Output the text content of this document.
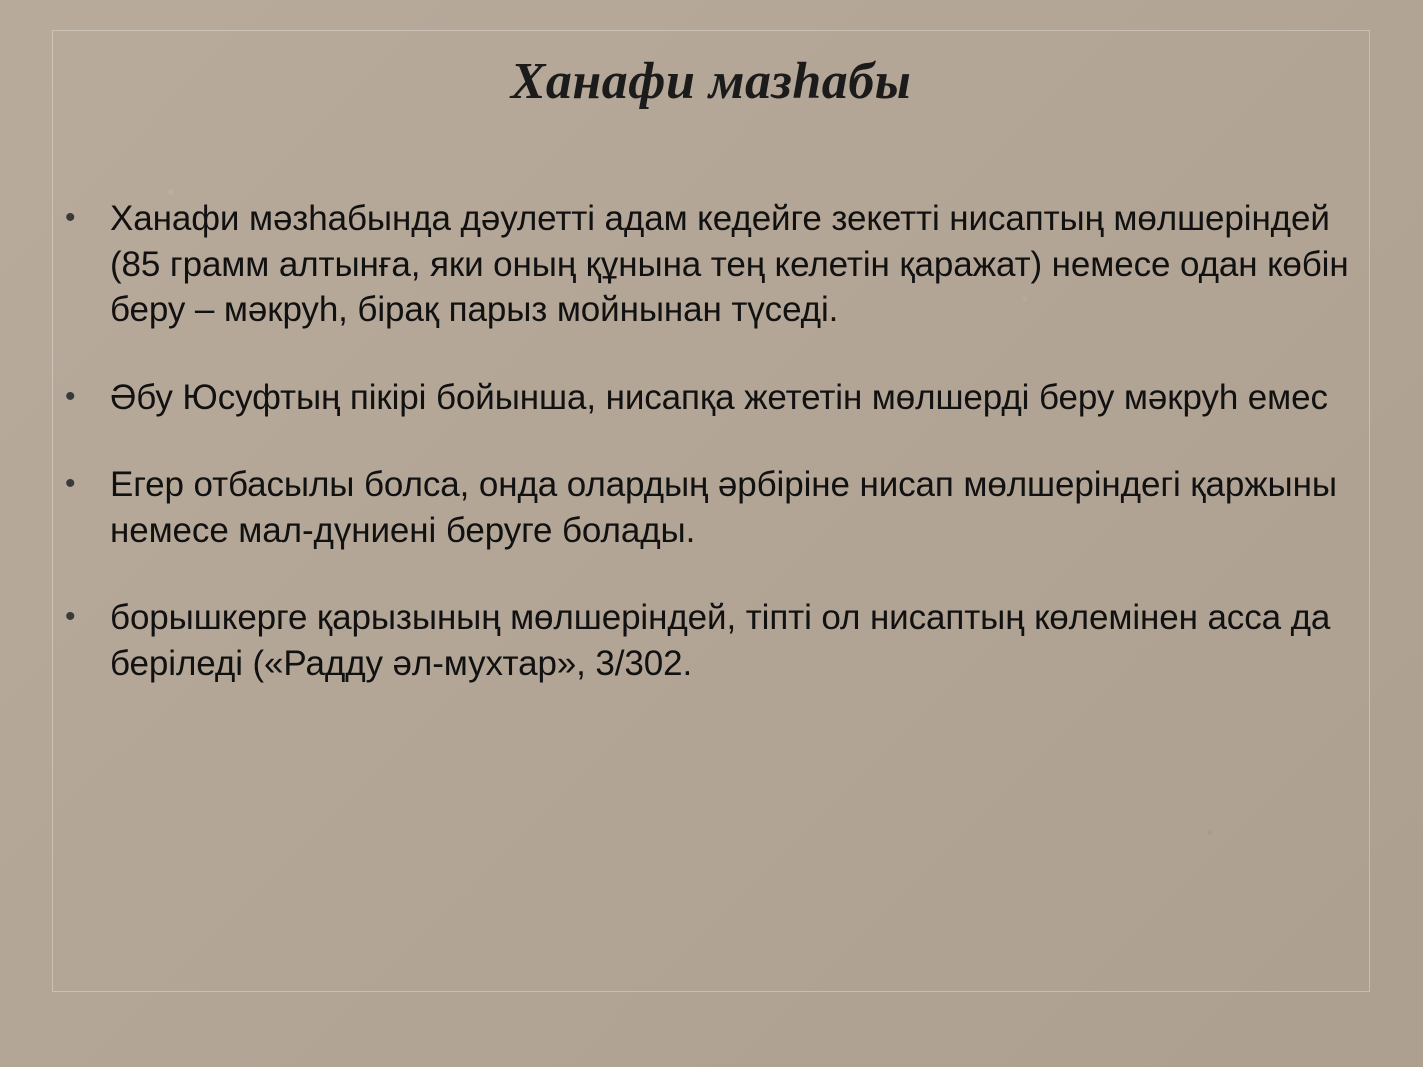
Ханафи мазһабы
• Ханафи мәзһабында дәулетті адам кедейге зекетті нисаптың мөлшеріндей (85 грамм алтынға, яки оның құнына тең келетін қаражат) немесе одан көбін беру – мәкруһ, бірақ парыз мойнынан түседі.
• Әбу Юсуфтың пікірі бойынша, нисапқа жететін мөлшерді беру мәкруһ емес
• Егер отбасылы болса, онда олардың әрбіріне нисап мөлшеріндегі қаржыны немесе мал-дүниені беруге болады.
• борышкерге қарызының мөлшеріндей, тіпті ол нисаптың көлемінен асса да беріледі («Радду әл-мухтар», 3/302.
